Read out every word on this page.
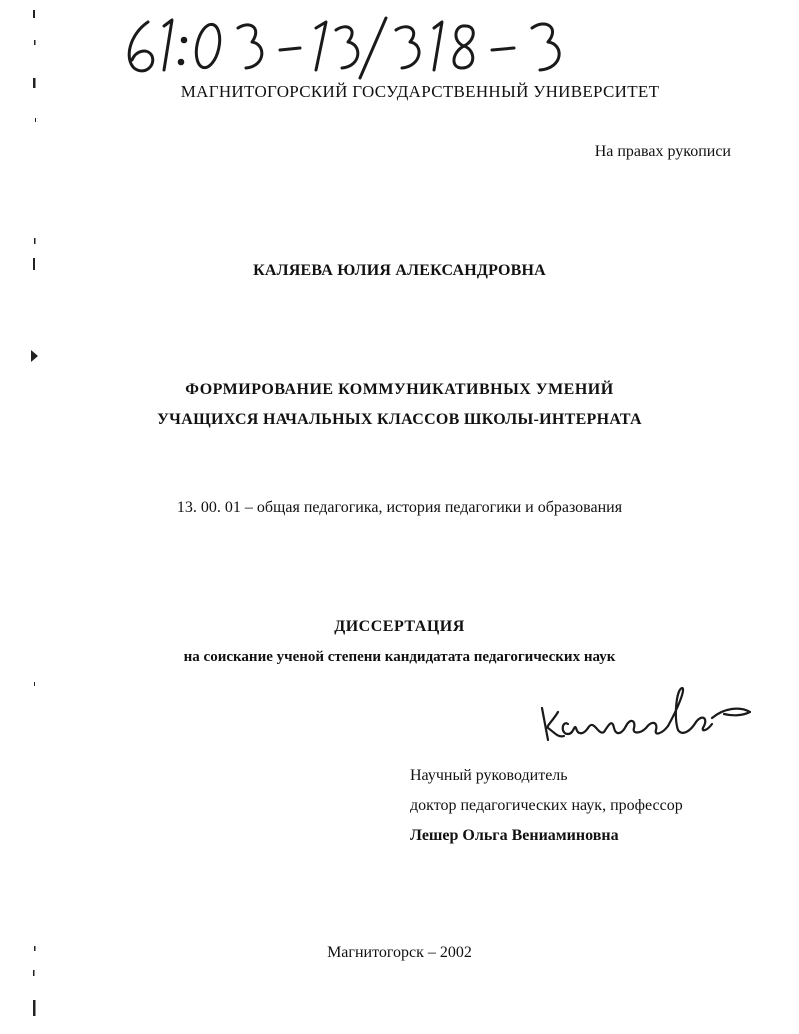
МАГНИТОГОРСКИЙ ГОСУДАРСТВЕННЫЙ УНИВЕРСИТЕТ
На правах рукописи
КАЛЯЕВА ЮЛИЯ АЛЕКСАНДРОВНА
ФОРМИРОВАНИЕ КОММУНИКАТИВНЫХ УМЕНИЙ
УЧАЩИХСЯ НАЧАЛЬНЫХ КЛАССОВ ШКОЛЫ-ИНТЕРНАТА
13. 00. 01 – общая педагогика, история педагогики и образования
ДИССЕРТАЦИЯ
на соискание ученой степени кандидатата педагогических наук
Научный руководитель
доктор педагогических наук, профессор
Лешер Ольга Вениаминовна
Магнитогорск – 2002
